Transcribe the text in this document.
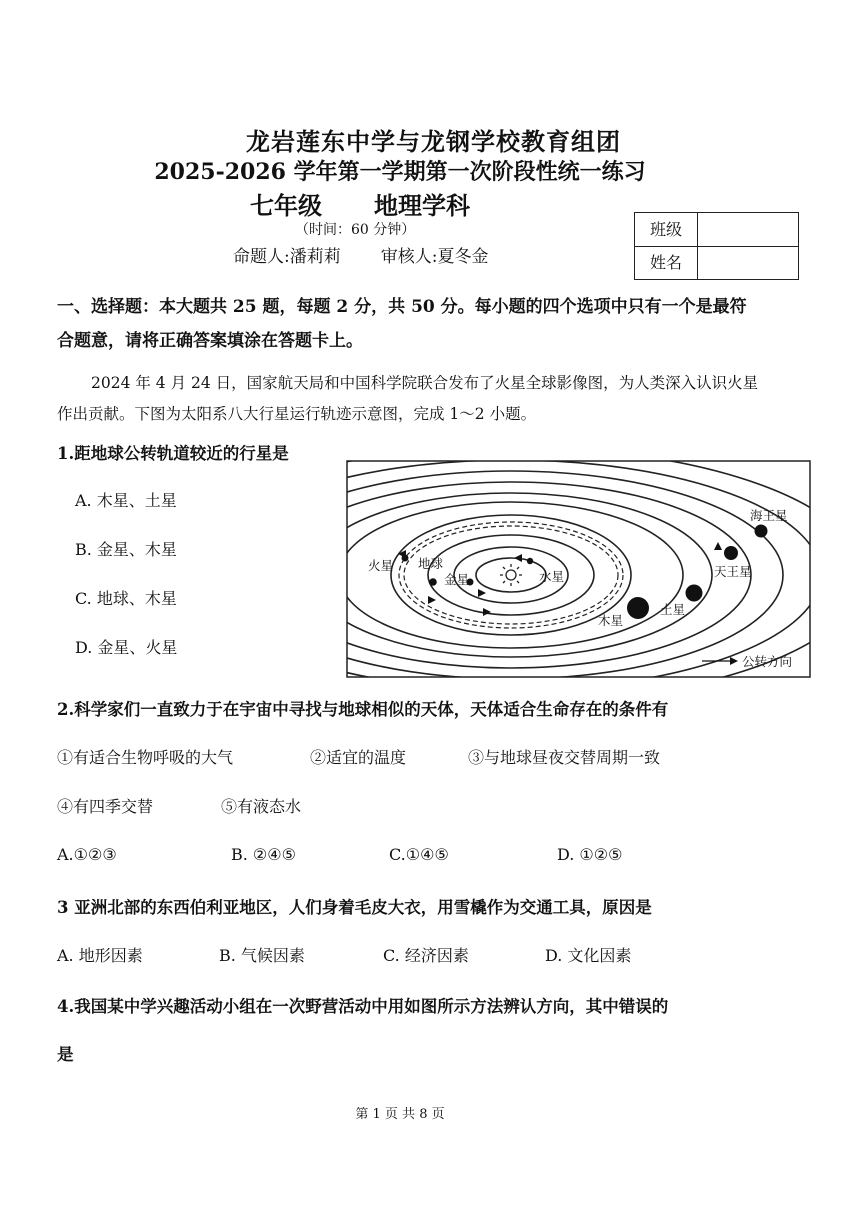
龙岩莲东中学与龙钢学校教育组团
2025-2026 学年第一学期第一次阶段性统一练习
七年级 地理学科
（时间：60 分钟）
命题人:潘莉莉 审核人:夏冬金
班级
姓名
一、选择题：本大题共 25 题，每题 2 分，共 50 分。每小题的四个选项中只有一个是最符合题意，请将正确答案填涂在答题卡上。
2024 年 4 月 24 日，国家航天局和中国科学院联合发布了火星全球影像图，为人类深入认识火星作出贡献。下图为太阳系八大行星运行轨迹示意图，完成 1～2 小题。
1.距地球公转轨道较近的行星是
A. 木星、土星
B. 金星、木星
C. 地球、木星
D. 金星、火星
水星
金星
地球
火星
木星
土星
天王星
海王星
公转方向
2.科学家们一直致力于在宇宙中寻找与地球相似的天体，天体适合生命存在的条件有
①有适合生物呼吸的大气	②适宜的温度	③与地球昼夜交替周期一致
④有四季交替	⑤有液态水
A.①②③	B. ②④⑤	C.①④⑤	D. ①②⑤
3 亚洲北部的东西伯利亚地区，人们身着毛皮大衣，用雪橇作为交通工具，原因是
A. 地形因素	B. 气候因素	C. 经济因素	D. 文化因素
4.我国某中学兴趣活动小组在一次野营活动中用如图所示方法辨认方向，其中错误的
是
第 1 页 共 8 页
